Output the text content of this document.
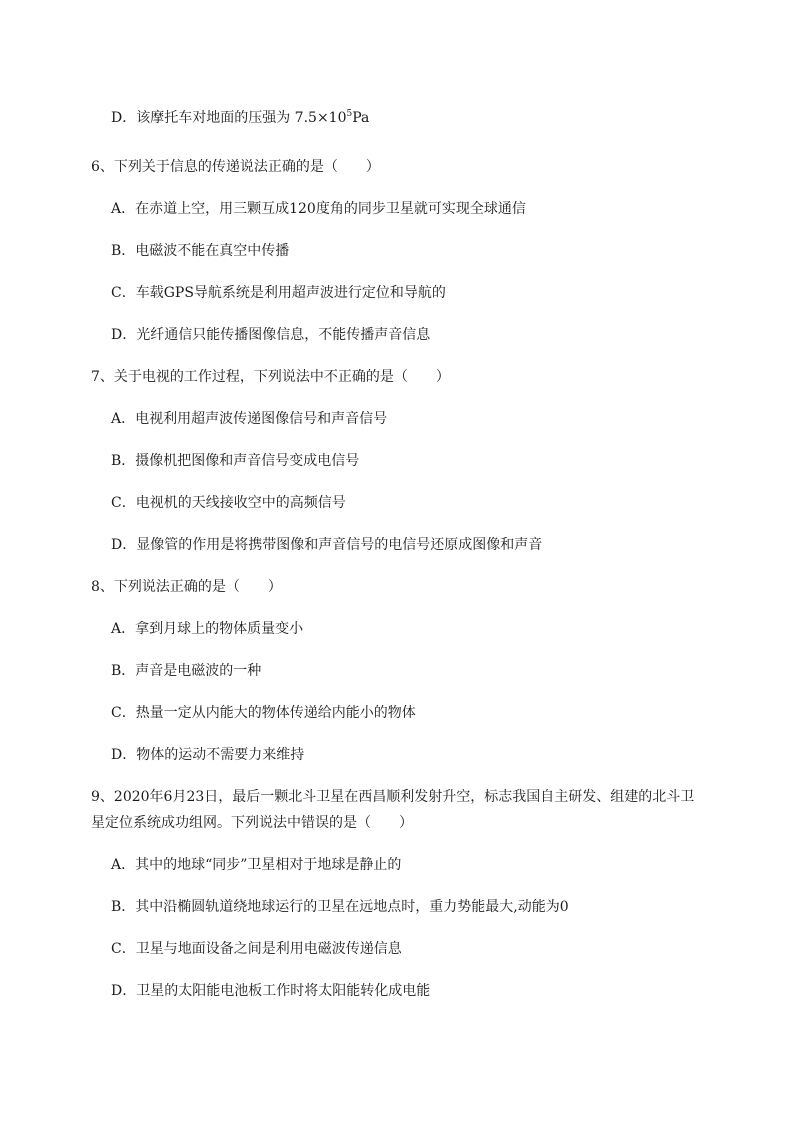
D．该摩托车对地面的压强为 $7.5\times 10^5Pa$
6、下列关于信息的传递说法正确的是（　　）
A．在赤道上空，用三颗互成120度角的同步卫星就可实现全球通信
B．电磁波不能在真空中传播
C．车载GPS导航系统是利用超声波进行定位和导航的
D．光纤通信只能传播图像信息，不能传播声音信息
7、关于电视的工作过程，下列说法中不正确的是（　　）
A．电视利用超声波传递图像信号和声音信号
B．摄像机把图像和声音信号变成电信号
C．电视机的天线接收空中的高频信号
D．显像管的作用是将携带图像和声音信号的电信号还原成图像和声音
8、下列说法正确的是（　　）
A．拿到月球上的物体质量变小
B．声音是电磁波的一种
C．热量一定从内能大的物体传递给内能小的物体
D．物体的运动不需要力来维持
9、2020年6月23日，最后一颗北斗卫星在西昌顺利发射升空，标志我国自主研发、组建的北斗卫
星定位系统成功组网。下列说法中错误的是（　　）
A．其中的地球“同步”卫星相对于地球是静止的
B．其中沿椭圆轨道绕地球运行的卫星在远地点时，重力势能最大,动能为0
C．卫星与地面设备之间是利用电磁波传递信息
D．卫星的太阳能电池板工作时将太阳能转化成电能
